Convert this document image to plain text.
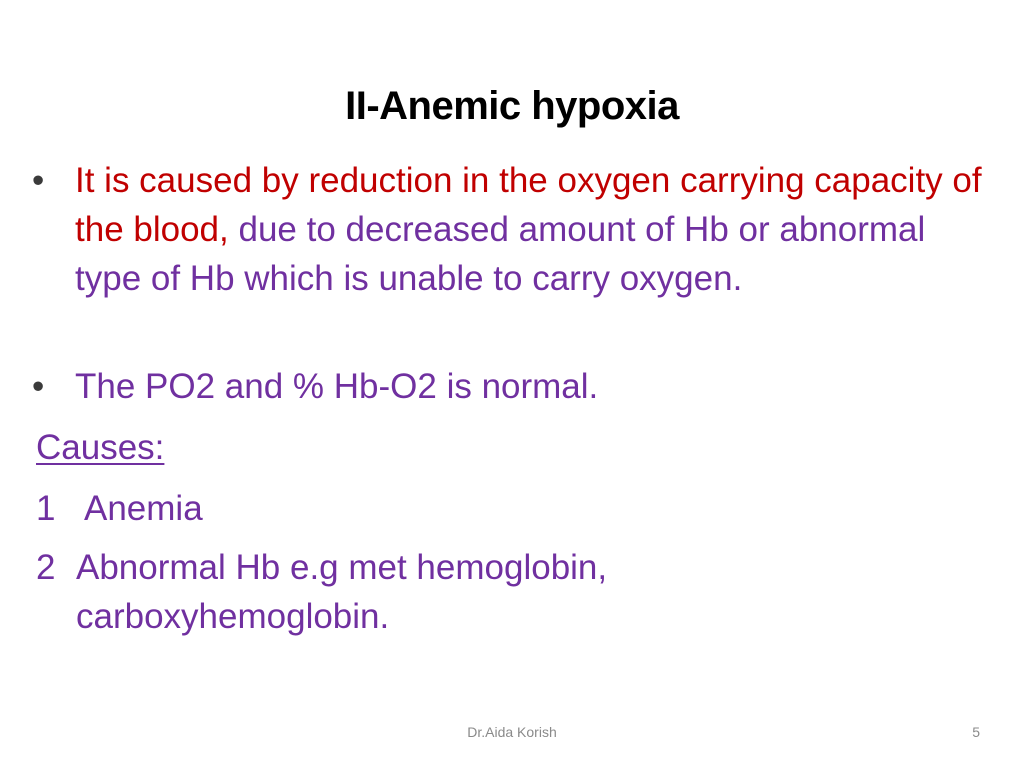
II-Anemic hypoxia
• It is caused by reduction in the oxygen carrying capacity of the blood, due to decreased amount of Hb or abnormal type of Hb which is unable to carry oxygen.
• The PO2 and % Hb-O2 is normal.
Causes:
1 Anemia
2 Abnormal Hb e.g met hemoglobin, carboxyhemoglobin.
Dr.Aida Korish	5
